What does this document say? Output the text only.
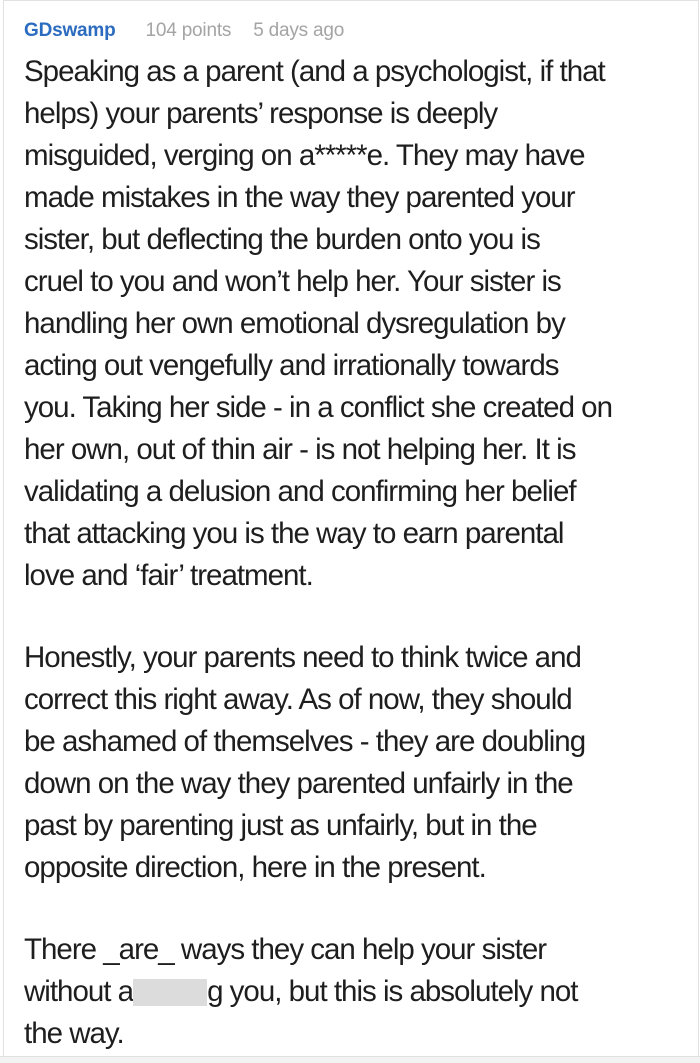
GDswamp 104 points 5 days ago
Speaking as a parent (and a psychologist, if that
helps) your parents’ response is deeply
misguided, verging on a*****e. They may have
made mistakes in the way they parented your
sister, but deflecting the burden onto you is
cruel to you and won’t help her. Your sister is
handling her own emotional dysregulation by
acting out vengefully and irrationally towards
you. Taking her side - in a conflict she created on
her own, out of thin air - is not helping her. It is
validating a delusion and confirming her belief
that attacking you is the way to earn parental
love and ‘fair’ treatment.
Honestly, your parents need to think twice and
correct this right away. As of now, they should
be ashamed of themselves - they are doubling
down on the way they parented unfairly in the
past by parenting just as unfairly, but in the
opposite direction, here in the present.
There _are_ ways they can help your sister
without a	g you, but this is absolutely not
the way.
